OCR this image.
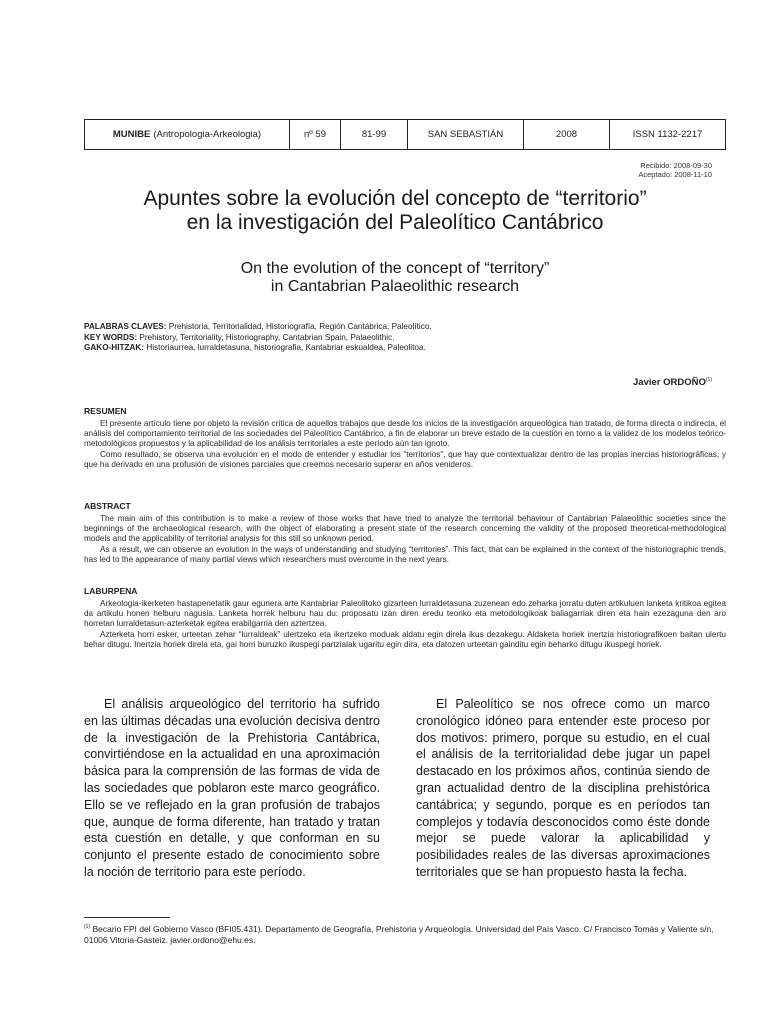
MUNIBE (Antropologia-Arkeologia)	nº 59	81-99	SAN SEBASTIÁN	2008	ISSN 1132-2217
Recibido: 2008-09-30
Aceptado: 2008-11-10
Apuntes sobre la evolución del concepto de “territorio”
en la investigación del Paleolítico Cantábrico
On the evolution of the concept of “territory”
in Cantabrian Palaeolithic research
PALABRAS CLAVES: Prehistoria, Territorialidad, Historiografía, Región Cantábrica, Paleolítico.
KEY WORDS: Prehistory, Territoriality, Historiography, Cantabrian Spain, Palaeolithic.
GAKO-HITZAK: Historiaurrea, lurraldetasuna, historiografia, Kantabriar eskualdea, Paleolitoa.
Javier ORDOÑO$^{(1)}$
RESUMEN

El presente artículo tiene por objeto la revisión crítica de aquellos trabajos que desde los inicios de la investigación arqueológica han tratado, de forma directa o indirecta, el análisis del comportamiento territorial de las sociedades del Paleolítico Cantábrico, a fin de elaborar un breve estado de la cuestión en torno a la validez de los modelos teórico-metodológicos propuestos y la aplicabilidad de los análisis territoriales a este período aún tan ignoto.

Como resultado, se observa una evolución en el modo de entender y estudiar los “territorios”, que hay que contextualizar dentro de las propias inercias historiográficas, y que ha derivado en una profusión de visiones parciales que creemos necesario superar en años venideros.

ABSTRACT

The main aim of this contribution is to make a review of those works that have tried to analyze the territorial behaviour of Cantabrian Palaeolithic societies since the beginnings of the archaeological research, with the object of elaborating a present state of the research concerning the validity of the proposed theoretical-methodological models and the applicability of territorial analysis for this still so unknown period.

As a result, we can observe an evolution in the ways of understanding and studying “territories”. This fact, that can be explained in the context of the historiographic trends, has led to the appearance of many partial views which researchers must overcome in the next years.

LABURPENA

Arkeologia-ikerketen hastapenetatik gaur egunera arte Kantabriar Paleolitoko gizarteen lurraldetasuna zuzenean edo zeharka jorratu duten artikuluen lanketa kritikoa egitea da artikulu honen helburu nagusia. Lanketa horrek helburu hau du: proposatu izan diren eredu teoriko eta metodologikoak baliagarriak diren eta hain ezezaguna den aro horretan lurraldetasun-azterketak egitea erabilgarria den aztertzea.

Azterketa horri esker, urteetan zehar “lurraldeak” ulertzeko eta ikertzeko moduak aldatu egin direla ikus dezakegu. Aldaketa horiek inertzia historiografikoen baitan ulertu behar ditugu. Inertzia horiek direla eta, gai horri buruzko ikuspegi partzialak ugaritu egin dira, eta datozen urteetan gainditu egin beharko ditugu ikuspegi horiek.

El análisis arqueológico del territorio ha sufrido en las últimas décadas una evolución decisiva dentro de la investigación de la Prehistoria Cantábrica, convirtiéndose en la actualidad en una aproximación básica para la comprensión de las formas de vida de las sociedades que poblaron este marco geográfico. Ello se ve reflejado en la gran profusión de trabajos que, aunque de forma diferente, han tratado y tratan esta cuestión en detalle, y que conforman en su conjunto el presente estado de conocimiento sobre la noción de territorio para este período.

El Paleolítico se nos ofrece como un marco cronológico idóneo para entender este proceso por dos motivos: primero, porque su estudio, en el cual el análisis de la territorialidad debe jugar un papel destacado en los próximos años, continúa siendo de gran actualidad dentro de la disciplina prehistórica cantábrica; y segundo, porque es en períodos tan complejos y todavía desconocidos como éste donde mejor se puede valorar la aplicabilidad y posibilidades reales de las diversas aproximaciones territoriales que se han propuesto hasta la fecha.

$^{(1)}$ Becario FPI del Gobierno Vasco (BFI05.431). Departamento de Geografía, Prehistoria y Arqueología. Universidad del País Vasco. C/ Francisco Tomás y Valiente s/n, 01006 Vitoria-Gasteiz. javier.ordono@ehu.es.
